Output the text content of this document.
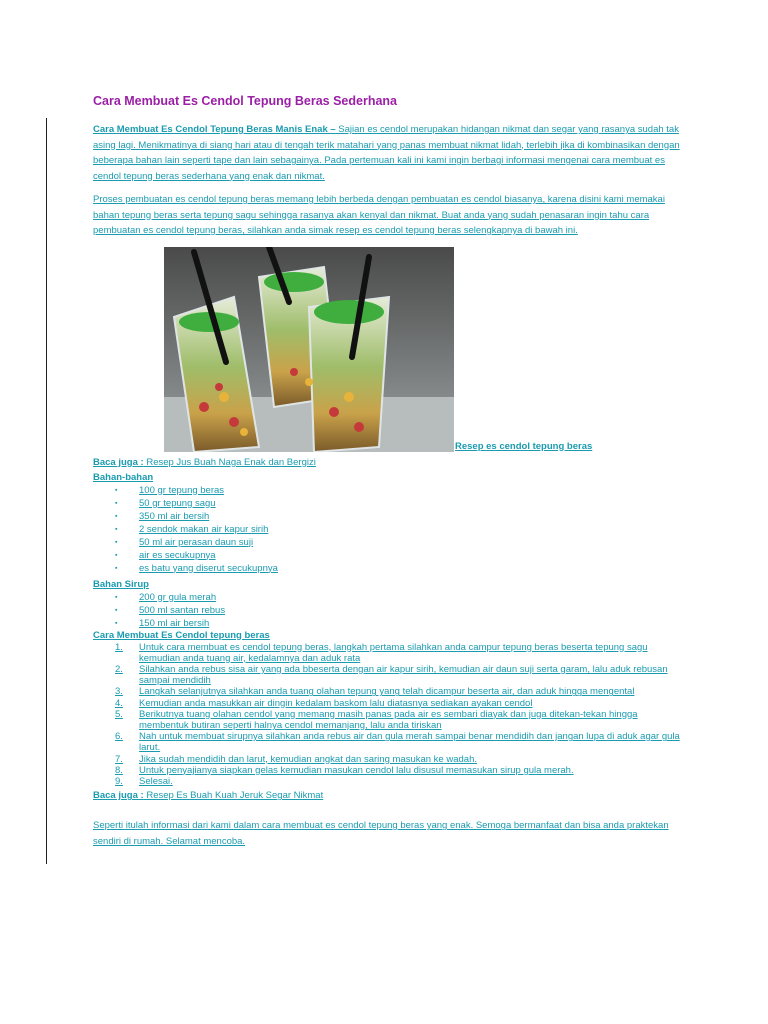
Cara Membuat Es Cendol Tepung Beras Sederhana

Cara Membuat Es Cendol Tepung Beras Manis Enak – Sajian es cendol merupakan hidangan nikmat dan segar yang rasanya sudah tak asing lagi. Menikmatinya di siang hari atau di tengah terik matahari yang panas membuat nikmat lidah, terlebih jika di kombinasikan dengan beberapa bahan lain seperti tape dan lain sebagainya. Pada pertemuan kali ini kami ingin berbagi informasi mengenai cara membuat es cendol tepung beras sederhana yang enak dan nikmat.

Proses pembuatan es cendol tepung beras memang lebih berbeda dengan pembuatan es cendol biasanya, karena disini kami memakai bahan tepung beras serta tepung sagu sehingga rasanya akan kenyal dan nikmat. Buat anda yang sudah penasaran ingin tahu cara pembuatan es cendol tepung beras, silahkan anda simak resep es cendol tepung beras selengkapnya di bawah ini.

Resep es cendol tepung beras

Baca juga : Resep Jus Buah Naga Enak dan Bergizi

Bahan-bahan

▪ 100 gr tepung beras
▪ 50 gr tepung sagu
▪ 350 ml air bersih
▪ 2 sendok makan air kapur sirih
▪ 50 ml air perasan daun suji
▪ air es secukupnya
▪ es batu yang diserut secukupnya

Bahan Sirup

▪ 200 gr gula merah
▪ 500 ml santan rebus
▪ 150 ml air bersih

Cara Membuat Es Cendol tepung beras

1. Untuk cara membuat es cendol tepung beras, langkah pertama silahkan anda campur tepung beras beserta tepung sagu kemudian anda tuang air, kedalamnya dan aduk rata
2. Silahkan anda rebus sisa air yang ada bbeserta dengan air kapur sirih, kemudian air daun suji serta garam, lalu aduk rebusan sampai mendidih
3. Langkah selanjutnya silahkan anda tuang olahan tepung yang telah dicampur beserta air, dan aduk hingga mengental
4. Kemudian anda masukkan air dingin kedalam baskom lalu diatasnya sediakan ayakan cendol
5. Berikutnya tuang olahan cendol yang memang masih panas pada air es sembari diayak dan juga ditekan-tekan hingga membentuk butiran seperti halnya cendol memanjang, lalu anda tiriskan
6. Nah untuk membuat sirupnya silahkan anda rebus air dan gula merah sampai benar mendidih dan jangan lupa di aduk agar gula larut.
7. Jika sudah mendidih dan larut, kemudian angkat dan saring masukan ke wadah.
8. Untuk penyajianya siapkan gelas kemudian masukan cendol lalu disusul memasukan sirup gula merah.
9. Selesai.

Baca juga : Resep Es Buah Kuah Jeruk Segar Nikmat

Seperti itulah informasi dari kami dalam cara membuat es cendol tepung beras yang enak. Semoga bermanfaat dan bisa anda praktekan sendiri di rumah. Selamat mencoba.
